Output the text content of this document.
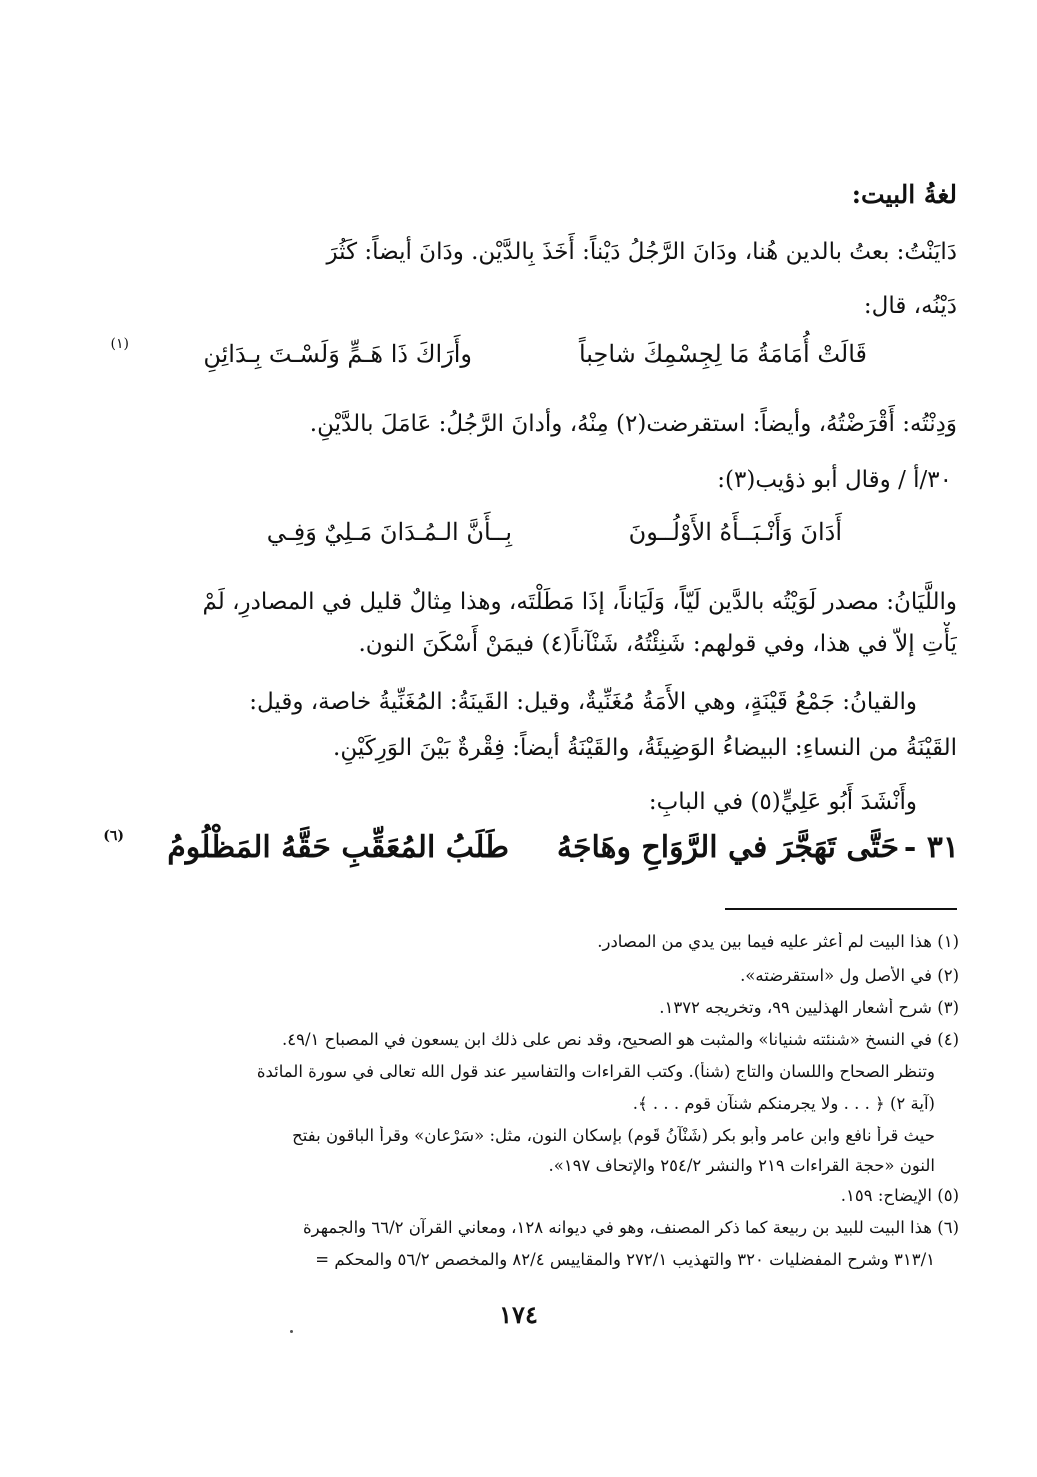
لغةُ البيت:
دَايَنْتُ: بعتُ بالدين هُنا، ودَانَ الرَّجُلُ دَيْناً: أَخَذَ بِالدَّيْن. ودَانَ أيضاً: كَثُرَ
دَيْنُه، قال:
قَالَتْ أُمَامَةُ مَا لِجِسْمِكَ شاحِباً
وأَرَاكَ ذَا هَـمٍّ وَلَسْـتَ بِـدَائِنِ
(١)
وَدِنْتُه: أَقْرَضْتُهُ، وأيضاً: استقرضت(٢) مِنْهُ، وأدانَ الرَّجُلُ: عَامَلَ بالدَّيْنِ.
٣٠/أ / وقال أبو ذؤيب(٣):
أَدَانَ وَأَنْـبَــأَهُ الأَوْلُــونَ
بِــأَنَّ الـمُـدَانَ مَـلِيٌ وَفِـي
واللَّيَانُ: مصدر لَوَيْتُه بالدَّين لَيّاً، وَلَيَاناً، إذَا مَطَلْتَه، وهذا مِثالٌ قليل في المصادرِ، لَمْ
يَأْتِ إلاّ في هذا، وفي قولهم: شَنِئْتُهُ، شَنْآناً(٤) فيمَنْ أَسْكَنَ النون.
والقيانُ: جَمْعُ قَيْنَةٍ، وهي الأَمَةُ مُغَنِّيةٌ، وقيل: القَينَةُ: المُغَنِّيةُ خاصة، وقيل:
القَيْنَةُ من النساءِ: البيضاءُ الوَضِيئَةُ، والقَيْنَةُ أيضاً: فِقْرةٌ بَيْنَ الوَرِكَيْنِ.
وأَنْشَدَ أَبُو عَلِيٍّ(٥) في البابِ:
٣١ -
حَتَّى تَهَجَّرَ في الرَّوَاحِ وهَاجَهُ
طَلَبُ المُعَقِّبِ حَقَّهُ المَظْلُومُ
(٦)
(١) هذا البيت لم أعثر عليه فيما بين يدي من المصادر.
(٢) في الأصل ول «استقرضته».
(٣) شرح أشعار الهذليين ٩٩، وتخريجه ١٣٧٢.
(٤) في النسخ «شنئته شنيانا» والمثبت هو الصحيح، وقد نص على ذلك ابن يسعون في المصباح ٤٩/١.
وتنظر الصحاح واللسان والتاج (شنأ). وكتب القراءات والتفاسير عند قول الله تعالى في سورة المائدة
(آية ٢) ﴿ . . . ولا يجرمنكم شنآن قوم . . . ﴾.
حيث قرأ نافع وابن عامر وأبو بكر (شَنْآنُ قَوم) بإسكان النون، مثل: «سَرْعان» وقرأ الباقون بفتح
النون «حجة القراءات ٢١٩ والنشر ٢٥٤/٢ والإتحاف ١٩٧».
(٥) الإيضاح: ١٥٩.
(٦) هذا البيت للبيد بن ربيعة كما ذكر المصنف، وهو في ديوانه ١٢٨، ومعاني القرآن ٦٦/٢ والجمهرة
٣١٣/١ وشرح المفضليات ٣٢٠ والتهذيب ٢٧٢/١ والمقاييس ٨٢/٤ والمخصص ٥٦/٢ والمحكم =
١٧٤
